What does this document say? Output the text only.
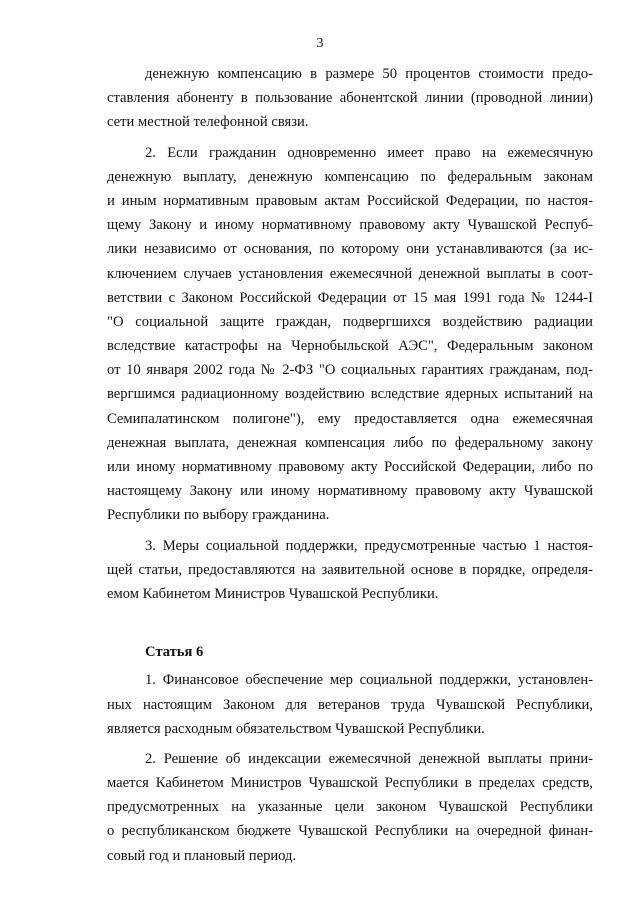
3
денежную компенсацию в размере 50 процентов стоимости предо-
ставления абоненту в пользование абонентской линии (проводной линии)
сети местной телефонной связи.
2. Если гражданин одновременно имеет право на ежемесячную
денежную выплату, денежную компенсацию по федеральным законам
и иным нормативным правовым актам Российской Федерации, по настоя-
щему Закону и иному нормативному правовому акту Чувашской Респуб-
лики независимо от основания, по которому они устанавливаются (за ис-
ключением случаев установления ежемесячной денежной выплаты в соот-
ветствии с Законом Российской Федерации от 15 мая 1991 года № 1244-I
"О социальной защите граждан, подвергшихся воздействию радиации
вследствие катастрофы на Чернобыльской АЭС", Федеральным законом
от 10 января 2002 года № 2-ФЗ "О социальных гарантиях гражданам, под-
вергшимся радиационному воздействию вследствие ядерных испытаний на
Семипалатинском полигоне"), ему предоставляется одна ежемесячная
денежная выплата, денежная компенсация либо по федеральному закону
или иному нормативному правовому акту Российской Федерации, либо по
настоящему Закону или иному нормативному правовому акту Чувашской
Республики по выбору гражданина.
3. Меры социальной поддержки, предусмотренные частью 1 настоя-
щей статьи, предоставляются на заявительной основе в порядке, определя-
емом Кабинетом Министров Чувашской Республики.
Статья 6
1. Финансовое обеспечение мер социальной поддержки, установлен-
ных настоящим Законом для ветеранов труда Чувашской Республики,
является расходным обязательством Чувашской Республики.
2. Решение об индексации ежемесячной денежной выплаты прини-
мается Кабинетом Министров Чувашской Республики в пределах средств,
предусмотренных на указанные цели законом Чувашской Республики
о республиканском бюджете Чувашской Республики на очередной финан-
совый год и плановый период.
